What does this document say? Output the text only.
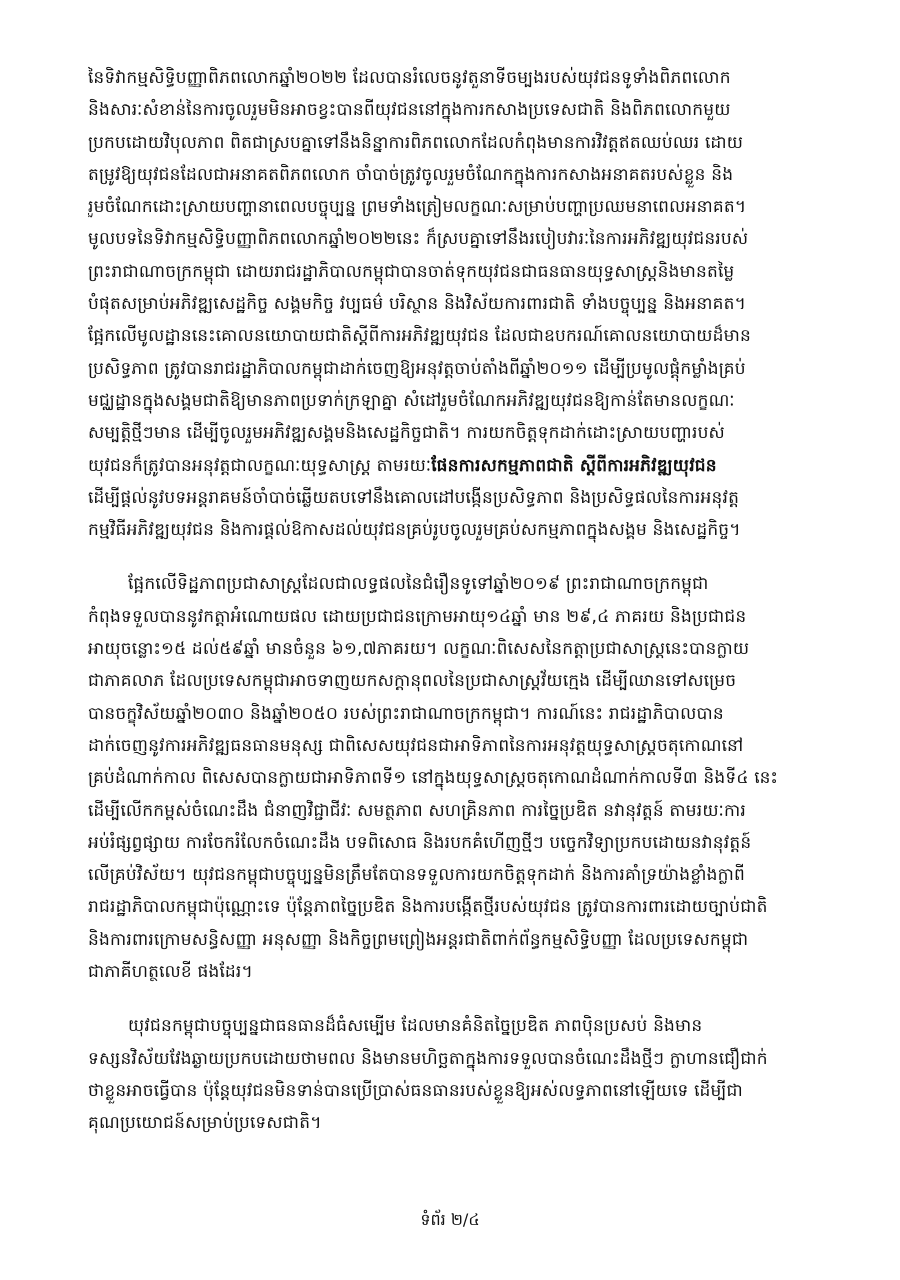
នៃទិវាកម្មសិទ្ធិបញ្ញាពិភពលោកឆ្នាំ២០២២ ដែលបានរំលេចនូវតួនាទីចម្បងរបស់យុវជនទូទាំងពិភពលោក
និងសារៈសំខាន់នៃការចូលរួមមិនអាចខ្វះបានពីយុវជននៅក្នុងការកសាងប្រទេសជាតិ និងពិភពលោកមួយ
ប្រកបដោយវិបុលភាព ពិតជាស្របគ្នាទៅនឹងនិន្នាការពិភពលោកដែលកំពុងមានការវិវត្តឥតឈប់ឈរ ដោយ
តម្រូវឱ្យយុវជនដែលជាអនាគតពិភពលោក ចាំបាច់ត្រូវចូលរួមចំណែកក្នុងការកសាងអនាគតរបស់ខ្លួន និង
រួមចំណែកដោះស្រាយបញ្ហានាពេលបច្ចុប្បន្ន ព្រមទាំងត្រៀមលក្ខណៈសម្រាប់បញ្ហាប្រឈមនាពេលអនាគត។
មូលបទនៃទិវាកម្មសិទ្ធិបញ្ញាពិភពលោកឆ្នាំ២០២២នេះ ក៏ស្របគ្នាទៅនឹងរបៀបវារៈនៃការអភិវឌ្ឍយុវជនរបស់
ព្រះរាជាណាចក្រកម្ពុជា ដោយរាជរដ្ឋាភិបាលកម្ពុជាបានចាត់ទុកយុវជនជាធនធានយុទ្ធសាស្ត្រនិងមានតម្លៃ
បំផុតសម្រាប់អភិវឌ្ឍសេដ្ឋកិច្ច សង្គមកិច្ច វប្បធម៌ បរិស្ថាន និងវិស័យការពារជាតិ ទាំងបច្ចុប្បន្ន និងអនាគត។
ផ្អែកលើមូលដ្ឋាននេះគោលនយោបាយជាតិស្តីពីការអភិវឌ្ឍយុវជន ដែលជាឧបករណ៍គោលនយោបាយដ៏មាន
ប្រសិទ្ធភាព ត្រូវបានរាជរដ្ឋាភិបាលកម្ពុជាដាក់ចេញឱ្យអនុវត្តចាប់តាំងពីឆ្នាំ២០១១ ដើម្បីប្រមូលផ្តុំកម្លាំងគ្រប់
មជ្ឈដ្ឋានក្នុងសង្គមជាតិឱ្យមានភាពប្រទាក់ក្រឡាគ្នា សំដៅរួមចំណែកអភិវឌ្ឍយុវជនឱ្យកាន់តែមានលក្ខណៈ
សម្បត្តិថ្មីៗមាន ដើម្បីចូលរួមអភិវឌ្ឍសង្គមនិងសេដ្ឋកិច្ចជាតិ។ ការយកចិត្តទុកដាក់ដោះស្រាយបញ្ហារបស់
យុវជនក៏ត្រូវបានអនុវត្តជាលក្ខណៈយុទ្ធសាស្ត្រ តាមរយៈផែនការសកម្មភាពជាតិ ស្តីពីការអភិវឌ្ឍយុវជន
ដើម្បីផ្តល់នូវបទអន្តរាគមន៍ចាំបាច់ឆ្លើយតបទៅនឹងគោលដៅបង្កើនប្រសិទ្ធភាព និងប្រសិទ្ធផលនៃការអនុវត្ត
កម្មវិធីអភិវឌ្ឍយុវជន និងការផ្តល់ឱកាសដល់យុវជនគ្រប់រូបចូលរួមគ្រប់សកម្មភាពក្នុងសង្គម និងសេដ្ឋកិច្ច។
ផ្អែកលើទិដ្ឋភាពប្រជាសាស្ត្រដែលជាលទ្ធផលនៃជំរឿនទូទៅឆ្នាំ២០១៩ ព្រះរាជាណាចក្រកម្ពុជា
កំពុងទទួលបាននូវកត្តាអំណោយផល ដោយប្រជាជនក្រោមអាយុ១៤ឆ្នាំ មាន ២៩,៤ ភាគរយ និងប្រជាជន
អាយុចន្លោះ១៥ ដល់៥៩ឆ្នាំ មានចំនួន ៦១,៧ភាគរយ។ លក្ខណៈពិសេសនៃកត្តាប្រជាសាស្ត្រនេះបានក្លាយ
ជាភាគលាភ ដែលប្រទេសកម្ពុជាអាចទាញយកសក្តានុពលនៃប្រជាសាស្ត្រវ័យក្មេង ដើម្បីឈានទៅសម្រេច
បានចក្ខុវិស័យឆ្នាំ២០៣០ និងឆ្នាំ២០៥០ របស់ព្រះរាជាណាចក្រកម្ពុជា។ ការណ៍នេះ រាជរដ្ឋាភិបាលបាន
ដាក់ចេញនូវការអភិវឌ្ឍធនធានមនុស្ស ជាពិសេសយុវជនជាអាទិភាពនៃការអនុវត្តយុទ្ធសាស្ត្រចតុកោណនៅ
គ្រប់ដំណាក់កាល ពិសេសបានក្លាយជាអាទិភាពទី១ នៅក្នុងយុទ្ធសាស្ត្រចតុកោណដំណាក់កាលទី៣ និងទី៤ នេះ
ដើម្បីលើកកម្ពស់ចំណេះដឹង ជំនាញវិជ្ជាជីវៈ សមត្ថភាព សហគ្រិនភាព ការច្នៃប្រឌិត នវានុវត្តន៍ តាមរយៈការ
អប់រំផ្សព្វផ្សាយ ការចែករំលែកចំណេះដឹង បទពិសោធ និងរបកគំហើញថ្មីៗ បច្ចេកវិទ្យាប្រកបដោយនវានុវត្តន៍
លើគ្រប់វិស័យ។ យុវជនកម្ពុជាបច្ចុប្បន្នមិនត្រឹមតែបានទទួលការយកចិត្តទុកដាក់ និងការគាំទ្រយ៉ាងខ្លាំងក្លាពី
រាជរដ្ឋាភិបាលកម្ពុជាប៉ុណ្ណោះទេ ប៉ុន្តែភាពច្នៃប្រឌិត និងការបង្កើតថ្មីរបស់យុវជន ត្រូវបានការពារដោយច្បាប់ជាតិ
និងការពារក្រោមសន្ធិសញ្ញា អនុសញ្ញា និងកិច្ចព្រមព្រៀងអន្តរជាតិពាក់ព័ន្ធកម្មសិទ្ធិបញ្ញា ដែលប្រទេសកម្ពុជា
ជាភាគីហត្ថលេខី ផងដែរ។
យុវជនកម្ពុជាបច្ចុប្បន្នជាធនធានដ៏ធំសម្បើម ដែលមានគំនិតច្នៃប្រឌិត ភាពប៉ិនប្រសប់ និងមាន
ទស្សនវិស័យវែងឆ្ងាយប្រកបដោយថាមពល និងមានមហិច្ឆតាក្នុងការទទួលបានចំណេះដឹងថ្មីៗ ក្លាហានជឿជាក់
ថាខ្លួនអាចធ្វើបាន ប៉ុន្តែយុវជនមិនទាន់បានប្រើប្រាស់ធនធានរបស់ខ្លួនឱ្យអស់លទ្ធភាពនៅឡើយទេ ដើម្បីជា
គុណប្រយោជន៍សម្រាប់ប្រទេសជាតិ។
ទំព័រ ២/៤
